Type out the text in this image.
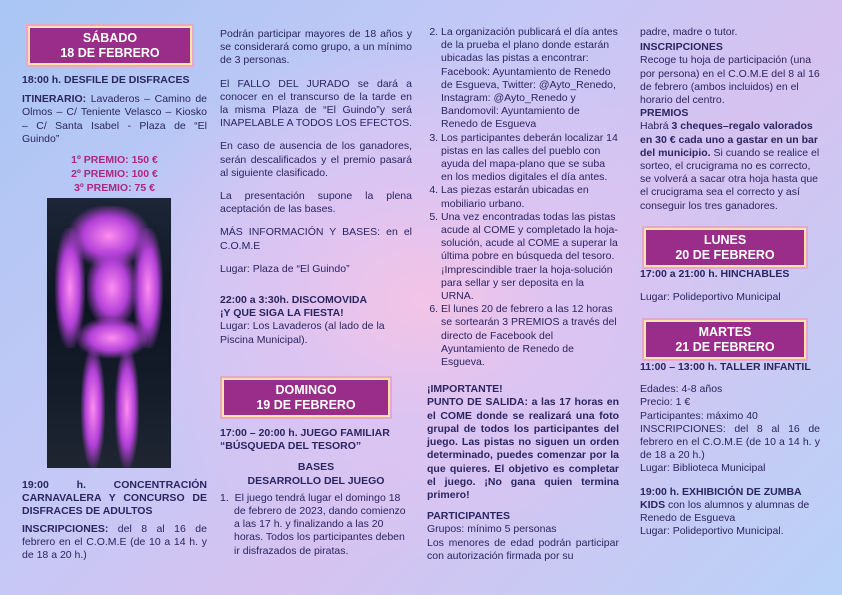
SÁBADO
18 DE FEBRERO

18:00 h. DESFILE DE DISFRACES

ITINERARIO: Lavaderos – Camino de Olmos – C/ Teniente Velasco – Kiosko – C/ Santa Isabel - Plaza de “El Guindo”

1º PREMIO: 150 €
2º PREMIO: 100 €
3º PREMIO: 75 €

19:00 h. CONCENTRACIÓN CARNAVALERA Y CONCURSO DE DISFRACES DE ADULTOS

INSCRIPCIONES: del 8 al 16 de febrero en el C.O.M.E (de 10 a 14 h. y de 18 a 20 h.)

Podrán participar mayores de 18 años y se considerará como grupo, a un mínimo de 3 personas.

El FALLO DEL JURADO se dará a conocer en el transcurso de la tarde en la misma Plaza de “El Guindo”y será INAPELABLE A TODOS LOS EFECTOS.

En caso de ausencia de los ganadores, serán descalificados y el premio pasará al siguiente clasificado.

La presentación supone la plena aceptación de las bases.

MÁS INFORMACIÓN Y BASES: en el C.O.M.E

Lugar: Plaza de “El Guindo”

22:00 a 3:30h. DISCOMOVIDA

¡Y QUE SIGA LA FIESTA!

Lugar: Los Lavaderos (al lado de la Piscina Municipal).

DOMINGO
19 DE FEBRERO

17:00 – 20:00 h. JUEGO FAMILIAR

“BÚSQUEDA DEL TESORO”

BASES

DESARROLLO DEL JUEGO

1.  El juego tendrá lugar el domingo 18 de febrero de 2023, dando comienzo a las 17 h. y finalizando a las 20 horas. Todos los participantes deben ir disfrazados de piratas.

2. La organización publicará el día antes de la prueba el plano donde estarán ubicadas las pistas a encontrar: Facebook: Ayuntamiento de Renedo de Esgueva, Twitter: @Ayto_Renedo, Instagram: @Ayto_Renedo y Bandomovil: Ayuntamiento de Renedo de Esgueva
3. Los participantes deberán localizar 14 pistas en las calles del pueblo con ayuda del mapa-plano que se suba en los medios digitales el día antes.
4. Las piezas estarán ubicadas en mobiliario urbano.
5. Una vez encontradas todas las pistas acude al COME y completado la hoja-solución, acude al COME a superar la última pobre en búsqueda del tesoro. ¡Imprescindible traer la hoja-solución para sellar y ser deposita en la URNA.
6. El lunes 20 de febrero a las 12 horas se sortearán 3 PREMIOS a través del directo de Facebook del Ayuntamiento de Renedo de Esgueva.

¡IMPORTANTE!

PUNTO DE SALIDA: a las 17 horas en el COME donde se realizará una foto grupal de todos los participantes del juego. Las pistas no siguen un orden determinado, puedes comenzar por la que quieres. El objetivo es completar el juego. ¡No gana quien termina primero!

PARTICIPANTES

Grupos: mínimo 5 personas

Los menores de edad podrán participar con autorización firmada por su

padre, madre o tutor.

INSCRIPCIONES

Recoge tu hoja de participación (una por persona) en el C.O.M.E del 8 al 16 de febrero (ambos incluidos) en el horario del centro.

PREMIOS

Habrá 3 cheques–regalo valorados en 30 € cada uno a gastar en un bar del municipio. Si cuando se realice el sorteo, el crucigrama no es correcto, se volverá a sacar otra hoja hasta que el crucigrama sea el correcto y así conseguir los tres ganadores.

LUNES
20 DE FEBRERO

17:00 a 21:00 h. HINCHABLES

Lugar: Polideportivo Municipal

MARTES
21 DE FEBRERO

11:00 – 13:00 h. TALLER INFANTIL

Edades: 4-8 años

Precio: 1 €

Participantes: máximo 40

INSCRIPCIONES: del 8 al 16 de febrero en el C.O.M.E (de 10 a 14 h. y de 18 a 20 h.)

Lugar: Biblioteca Municipal

19:00 h. EXHIBICIÓN DE ZUMBA KIDS con los alumnos y alumnas de Renedo de Esgueva

Lugar: Polideportivo Municipal.
